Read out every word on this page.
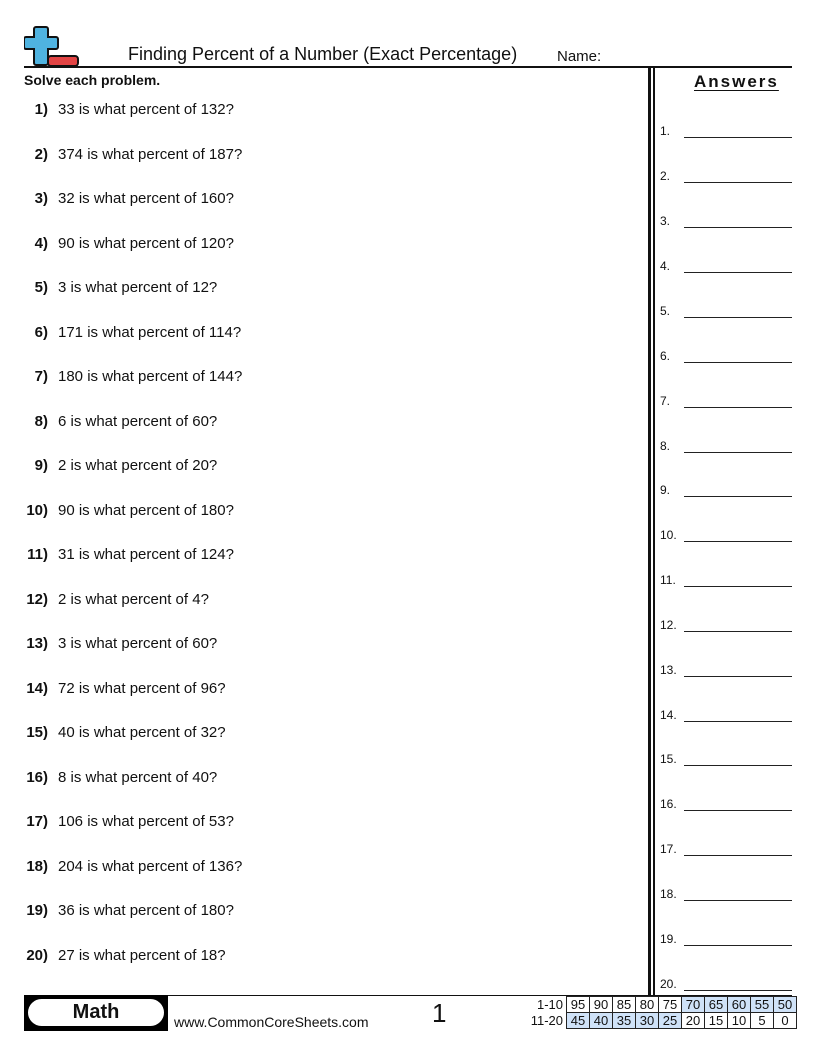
Finding Percent of a Number (Exact Percentage)	Name:
Solve each problem.
1) 33 is what percent of 132?
2) 374 is what percent of 187?
3) 32 is what percent of 160?
4) 90 is what percent of 120?
5) 3 is what percent of 12?
6) 171 is what percent of 114?
7) 180 is what percent of 144?
8) 6 is what percent of 60?
9) 2 is what percent of 20?
10) 90 is what percent of 180?
11) 31 is what percent of 124?
12) 2 is what percent of 4?
13) 3 is what percent of 60?
14) 72 is what percent of 96?
15) 40 is what percent of 32?
16) 8 is what percent of 40?
17) 106 is what percent of 53?
18) 204 is what percent of 136?
19) 36 is what percent of 180?
20) 27 is what percent of 18?
Answers
1.
2.
3.
4.
5.
6.
7.
8.
9.
10.
11.
12.
13.
14.
15.
16.
17.
18.
19.
20.
Math	www.CommonCoreSheets.com 1	1-10	95	90	85	80	75	70	65	60	55	50
11-20	45	40	35	30	25	20	15	10	5	0
